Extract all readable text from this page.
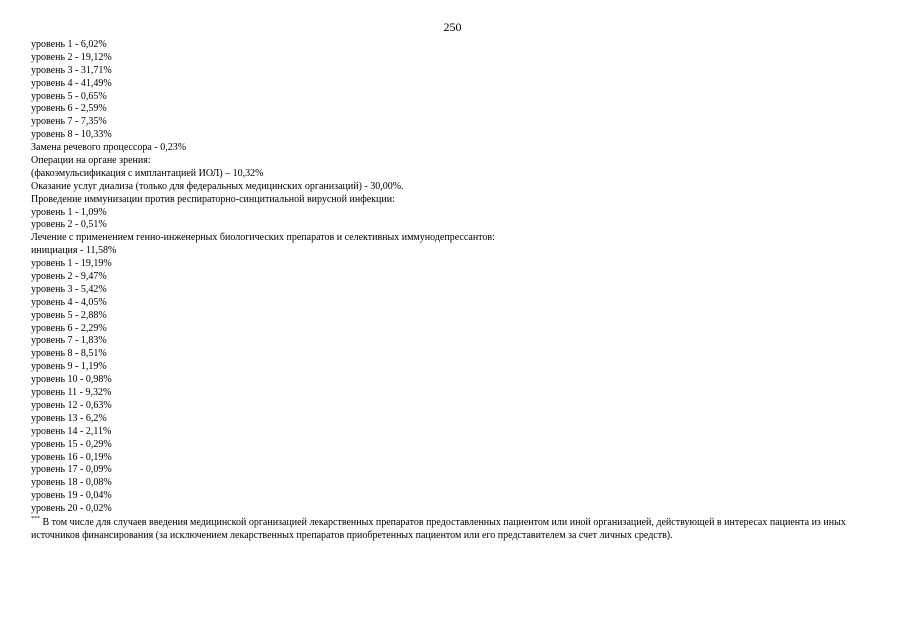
250

уровень 1 - 6,02%

уровень 2 - 19,12%

уровень 3 - 31,71%

уровень 4 - 41,49%

уровень 5 - 0,65%

уровень 6 - 2,59%

уровень 7 - 7,35%

уровень 8 - 10,33%

Замена речевого процессора - 0,23%

Операции на органе зрения:

(факоэмульсификация с имплантацией ИОЛ) – 10,32%

Оказание услуг диализа (только для федеральных медицинских организаций) - 30,00%.

Проведение иммунизации против респираторно-синцитиальной вирусной инфекции:

уровень 1 - 1,09%

уровень 2 - 0,51%

Лечение с применением генно-инженерных биологических препаратов и селективных иммунодепрессантов:

инициация - 11,58%

уровень 1 - 19,19%

уровень 2 - 9,47%

уровень 3 - 5,42%

уровень 4 - 4,05%

уровень 5 - 2,88%

уровень 6 - 2,29%

уровень 7 - 1,83%

уровень 8 - 8,51%

уровень 9 - 1,19%

уровень 10 - 0,98%

уровень 11 - 9,32%

уровень 12 - 0,63%

уровень 13 - 6,2%

уровень 14 - 2,11%

уровень 15 - 0,29%

уровень 16 - 0,19%

уровень 17 - 0,09%

уровень 18 - 0,08%

уровень 19 - 0,04%

уровень 20 - 0,02%

*** В том числе для случаев введения медицинской организацией лекарственных препаратов предоставленных пациентом или иной организацией, действующей в интересах пациента из иных источников финансирования (за исключением лекарственных препаратов приобретенных пациентом или его представителем за счет личных средств).
